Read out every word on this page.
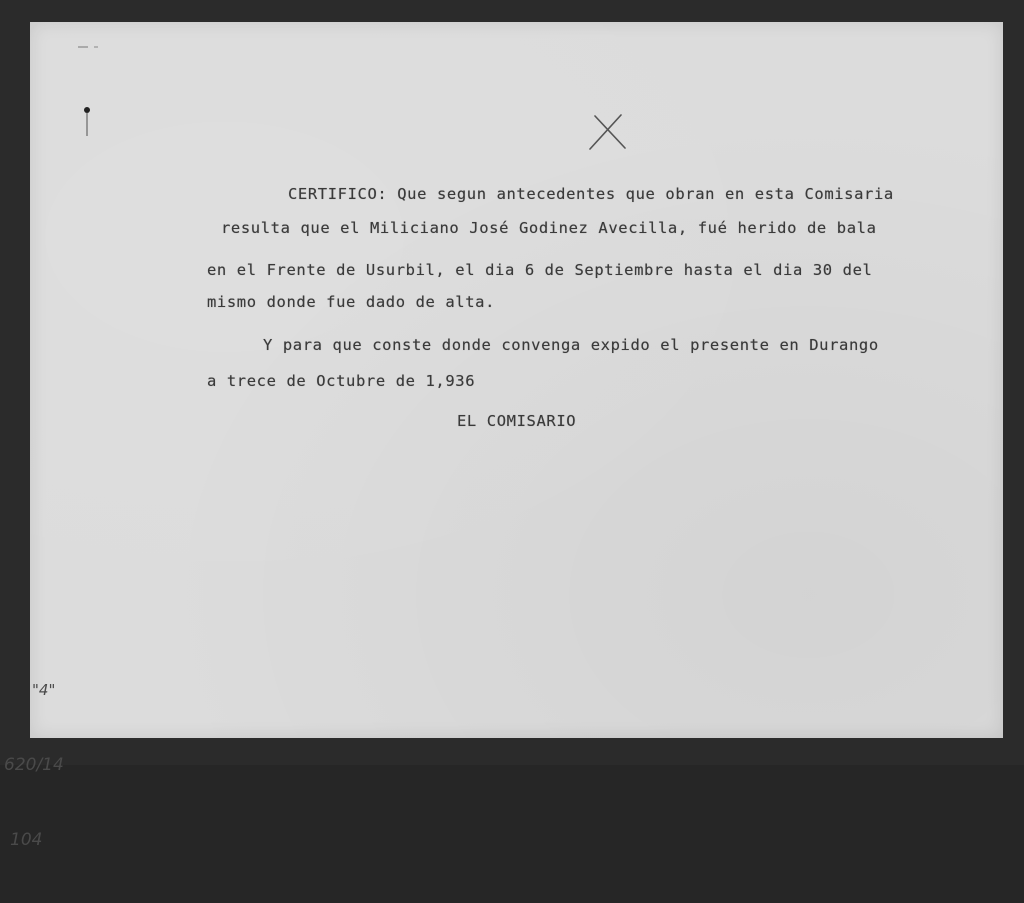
CERTIFICO: Que segun antecedentes que obran en esta Comisaria
resulta que el Miliciano José Godinez Avecilla, fué herido de bala
en el Frente de Usurbil, el dia 6 de Septiembre hasta el dia 30 del
mismo donde fue dado de alta.
Y para que conste donde convenga expido el presente en Durango
a trece de Octubre de 1,936
EL COMISARIO

"4"

620/14

104
